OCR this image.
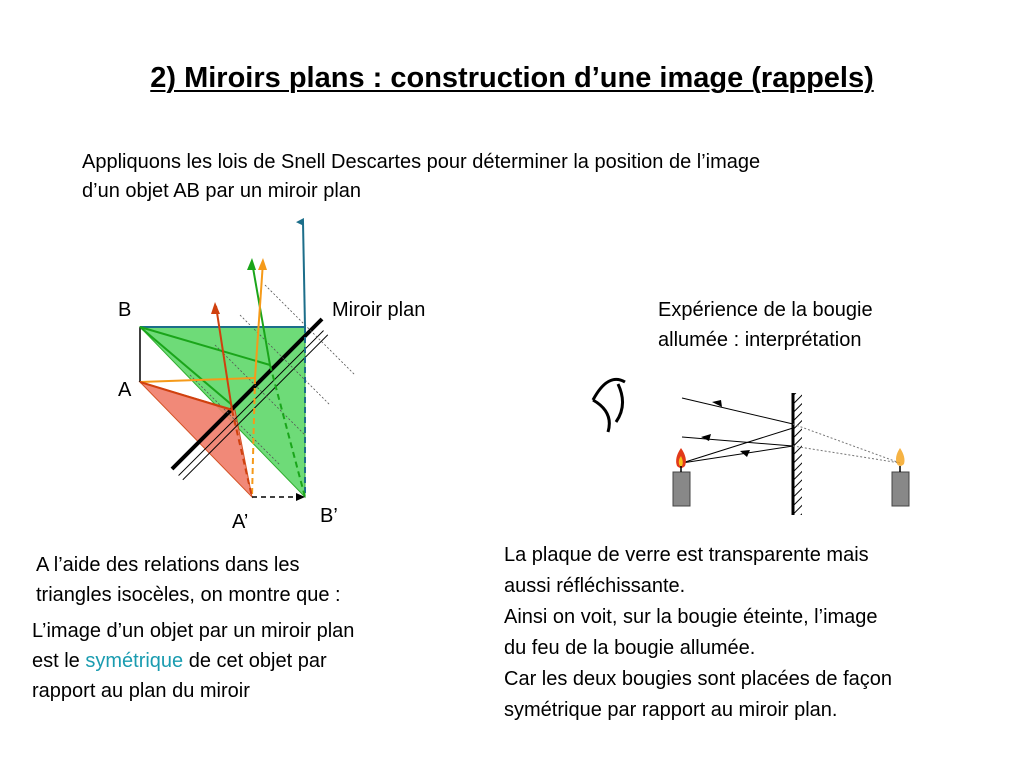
2) Miroirs plans : construction d’une image (rappels)
Appliquons les lois de Snell Descartes pour déterminer la position de l’image
d’un objet AB par un miroir plan
B
A
A’	B’
Miroir plan	Expérience de la bougie
allumée : interprétation
A l’aide des relations dans les
triangles isocèles, on montre que :
L’image d’un objet par un miroir plan
est le symétrique de cet objet par
rapport au plan du miroir
La plaque de verre est transparente mais
aussi réfléchissante.
Ainsi on voit, sur la bougie éteinte, l’image
du feu de la bougie allumée.
Car les deux bougies sont placées de façon
symétrique par rapport au miroir plan.
